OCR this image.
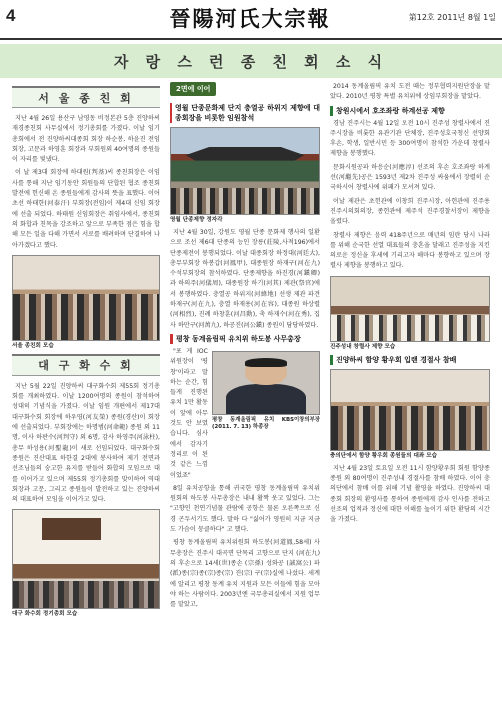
4	晉陽河氏大宗報	第12호 2011년 8월 1일
자 랑 스 런 종 친 회 소 식
서 울 종 친 회

지난 4월 26일 용산구 남영동 비정본관 5층 진양하씨 재경종친회 사무실에서 정기총회를 가졌다. 이날 임기총회에서 전 진양하씨대종회 회장 하순봉, 하윤진 전임회장, 고문과 하영훈 회장과 부회원외 40여명의 종원들이 자리를 빛냈다.

이 날 제3대 회장에 하대원(判基)씨 종친회장은 이임 사를 통해 지난 임기동안 회원들의 단합된 협조 종친회 발전에 헌신해 온 종원들에게 감사의 뜻을 표했다. 이어 초선 하태한(河泰汗) 부회장(전임)이 제4대 신임 회장에 선출 되었다. 하태원 신임회장은 취임사에서, 종친회의 화합과 친목을 강조하고 앞으로 부족한 점은 힘을 합해 모든 일을 다해 가면서 서로를 배려하며 단결하여 나아가겠다고 했다.

서울 종친회 모습
대 구 화 수 회

지난 5월 22일 진양하씨 대구화수회 제55회 정기총회를 개최하였다. 이날 1200여명의 종원이 참석하여 성대히 기념식을 가졌다. 이날 임원 개편에서 제17대 대구화수회 회장에 하우영(河友榮) 종원(경산)이 회장에 선출되었다. 부회장에는 하명범(河命範) 종원 외 11명, 이사 하판수(河判守) 외 6명, 감사 하영주(河泳柱), 총무 하성용(河聖龍)이 새로 선임되었다. 대구화수회 종원은 진산대표 하한결 2대에 봉사하여 제기 전면과 선조님들의 숭고한 유지를 받들어 화합의 모임으로 대를 이어가고 있으며 제55회 정기총회를 맞이하여 역대 회장과 고문, 그리고 종원들이 발전하고 있는 진양하씨의 대표하여 모임을 이어가고 있다.

대구 화수회 정기총회 모습
2면에 이어
영월 단종문화제 단지 충열공 하위지 제향에 대종회장을 비롯한 임원참석
영월 단종제향 정자각

지난 4월 30일, 강원도 영월 단종 문화제 행사의 일환으로 조선 제6대 단종의 능인 장릉(莊陵,사적196)에서 단종제전이 봉행되었다. 이날 대종회장 하정대(河廷大), 총무부회장 하봉갑(河鳳甲), 대종원장 하재구(河在九) 수석부회장의 참석하였다. 단종제향을 하진경(河鎭卿)과 하의주(河儀周), 대종원장 하기(河其) 제관(祭官)에서 봉행하였다. 충열공 하위지(河緯地) 선생 제관 파견 하재구(河在九), 충열 하재용(河在容), 대종원 하상렬(河相烈), 진례 하창훈(河昌勳), 축 하재수(河在秀), 집사 하만구(河萬九), 하공진(河公鎭) 종원이 담당하였다.

평창 동계올림픽 유치위 하도봉 사무총장

"포 게 IOC 위원장이 '평창'이라고 말하는 순간, 힘들게 진행된 유치 1만 활동이 앞에 아무것도 안 보였습니다. 심사에서 감자기 정리로 이 된 것 같은 느낌이었죠"

평창 동계올림픽 유치 KBS이창의부장(2011. 7. 13) 하종장

8일 유치공항을 통해 귀국한 평창 동계올림픽 유치위원회의 하도봉 사무총장은 내내 활짝 웃고 있었다. 그는 "고향인 천연기념물 관람에 공항은 물론 오른쪽으로 신경 곤두서기도 했다. 말하 다 "싫어가 영원히 지금 지금도 가슴이 뭉클하다" 고 했다.

평창 동계올림픽 유치위원회 하도봉(河道鳳,58세) 사무총장은 진주시 대곡면 단목리 고향으로 단지 (河在九) 의 후손으로 14세(世)종손 (宗孫) 성와공 (誠窩公) 파(派)종(宗)종(宗)종(宗) 진(宗) 구(宗)실에 나섰다. 세계에 알리고 평창 동계 유치 지원과 모든 이들에 힘을 모아야 하는 사람이다. 2003년엔 국무총리실에서 지원 업무를 맡았고,

2014 동계올림픽 유치 도전 때는 정부협력지원단장을 맡았다. 2010년 평창 특별 유치위에 상임부회장을 맡았다.

창원시에서 호조좌랑 하계선공 제향

경남 진주시는 4월 12일 오전 10시 진주성 창렬사에서 진주시장을 비롯한 유관기관 단체장, 진주성호국청신 선양회 후손, 학생, 일반시민 등 300여명이 참석한 가운데 창렬사 제향을 봉행했다.

문화시원공파 하응순(河應淳) 선조의 후손 호조좌랑 하계선(河繼先)공은 1593년 제2차 진주성 싸움에서 장렬히 순국하시어 창렬사에 위패가 모셔져 있다.

이날 제관은 초헌관에 이창희 진주시장, 아헌관에 진주용 진주시의회의장, 종헌관에 제주석 진주경찰서장이 제향을 올렸다.

창렬사 제향은 음력 418주년으로 매년의 임란 당시 나라를 위해 순국한 선열 대표들의 충혼을 달래고 진주성을 지킨 의로운 정신을 후세에 기리고자 해마다 봉향하고 있으며 장렬사 제향을 봉행하고 있다.

진주성내 창렬사 제향 모습
진양하씨 함양 황우회 입랜 경절사 참배
충의단에서 함양 황우회 종원들의 대좌 모습

지난 4월 23일 토요일 오전 11시 함양황우회 회원 함양종 종원 외 80여명이 진주성내 경절사를 참배 하였다. 이어 충의단에서 참배 이를 위해 기념 촬영을 하였다. 진양하씨 대종회 회장의 환영사를 통하여 종원에게 감사 인사를 전하고 선조의 업적과 정신에 대한 이해를 높이기 위한 환담의 시간을 가졌다.
